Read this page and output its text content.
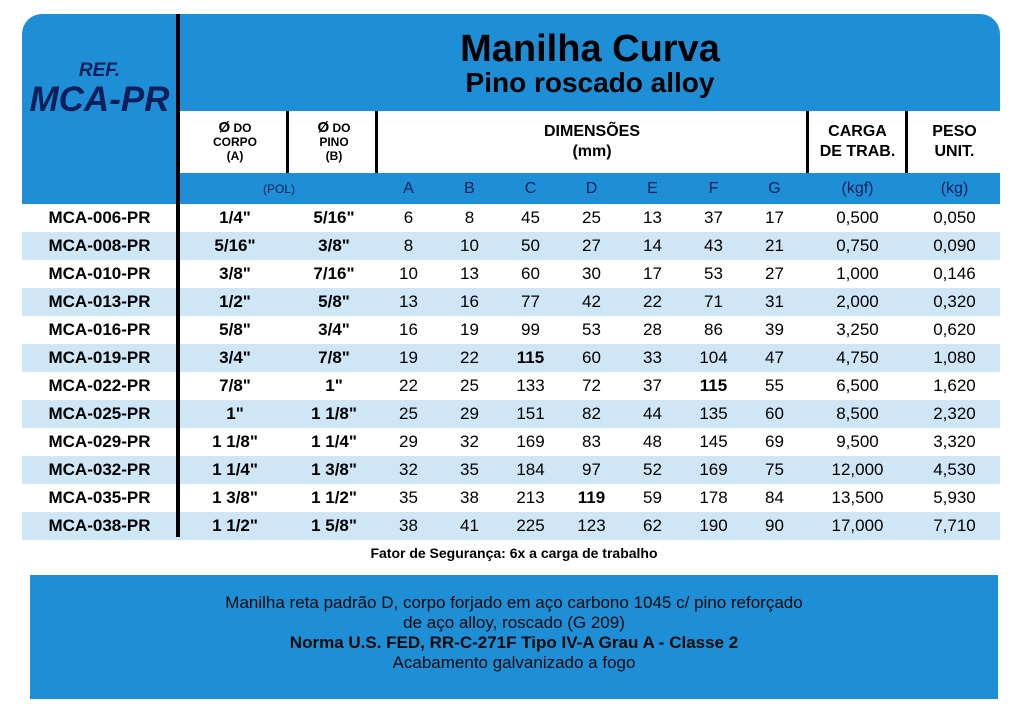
REF.
MCA-PR
Manilha Curva
Pino roscado alloy
Ø DO
CORPO
(A)
Ø DO
PINO
(B)
DIMENSÕES
(mm)
CARGA
DE TRAB.
PESO
UNIT.
(POL)	A	B	C	D	E	F	G	(kgf)	(kg)
MCA-006-PR	1/4"	5/16"	6	8	45	25	13	37	17	0,500	0,050
MCA-008-PR	5/16"	3/8"	8	10	50	27	14	43	21	0,750	0,090
MCA-010-PR	3/8"	7/16"	10	13	60	30	17	53	27	1,000	0,146
MCA-013-PR	1/2"	5/8"	13	16	77	42	22	71	31	2,000	0,320
MCA-016-PR	5/8"	3/4"	16	19	99	53	28	86	39	3,250	0,620
MCA-019-PR	3/4"	7/8"	19	22	115	60	33	104	47	4,750	1,080
MCA-022-PR	7/8"	1"	22	25	133	72	37	115	55	6,500	1,620
MCA-025-PR	1"	1 1/8"	25	29	151	82	44	135	60	8,500	2,320
MCA-029-PR	1 1/8"	1 1/4"	29	32	169	83	48	145	69	9,500	3,320
MCA-032-PR	1 1/4"	1 3/8"	32	35	184	97	52	169	75	12,000	4,530
MCA-035-PR	1 3/8"	1 1/2"	35	38	213	119	59	178	84	13,500	5,930
MCA-038-PR	1 1/2"	1 5/8"	38	41	225	123	62	190	90	17,000	7,710
Fator de Segurança: 6x a carga de trabalho
Manilha reta padrão D, corpo forjado em aço carbono 1045 c/ pino reforçado
de aço alloy, roscado (G 209)
Norma U.S. FED, RR-C-271F Tipo IV-A Grau A - Classe 2
Acabamento galvanizado a fogo
